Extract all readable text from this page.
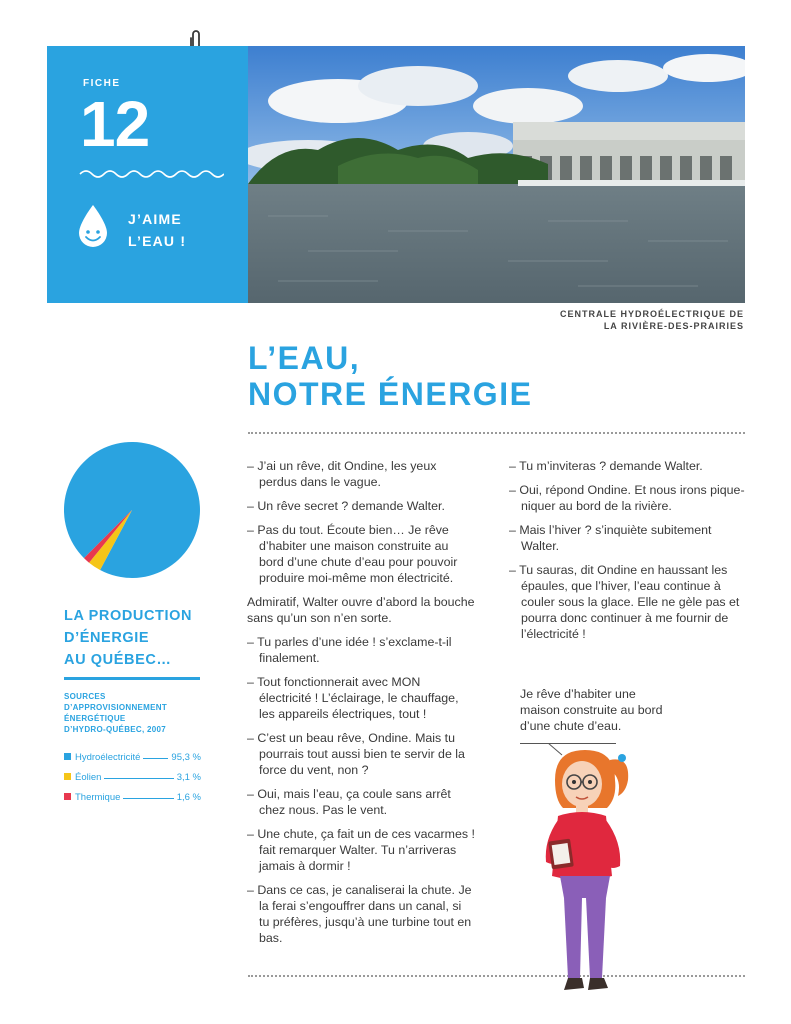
FICHE
12
J’AIME
L’EAU !
CENTRALE HYDROÉLECTRIQUE DE
LA RIVIÈRE-DES-PRAIRIES
L’EAU,
NOTRE ÉNERGIE
LA PRODUCTION
D’ÉNERGIE
AU QUÉBEC…
SOURCES
D’APPROVISIONNEMENT
ÉNERGÉTIQUE
D’HYDRO-QUÉBEC, 2007
Hydroélectricité	95,3 %
Éolien	3,1 %
Thermique	1,6 %

– J’ai un rêve, dit Ondine, les yeux perdus dans le vague.

– Un rêve secret ? demande Walter.

– Pas du tout. Écoute bien… Je rêve d’habiter une maison construite au bord d’une chute d’eau pour pouvoir produire moi-même mon électricité.

Admiratif, Walter ouvre d’abord la bouche sans qu’un son n’en sorte.

– Tu parles d’une idée ! s’exclame-t-il finalement.

– Tout fonctionnerait avec MON électricité ! L’éclairage, le chauffage, les appareils électriques, tout !

– C’est un beau rêve, Ondine. Mais tu pourrais tout aussi bien te servir de la force du vent, non ?

– Oui, mais l’eau, ça coule sans arrêt chez nous. Pas le vent.

– Une chute, ça fait un de ces vacarmes ! fait remarquer Walter. Tu n’arriveras jamais à dormir !

– Dans ce cas, je canaliserai la chute. Je la ferai s’engouffrer dans un canal, si tu préfères, jusqu’à une turbine tout en bas.

– Tu m’inviteras ? demande Walter.

– Oui, répond Ondine. Et nous irons pique-niquer au bord de la rivière.

– Mais l’hiver ? s’inquiète subitement Walter.

– Tu sauras, dit Ondine en haussant les épaules, que l’hiver, l’eau continue à couler sous la glace. Elle ne gèle pas et pourra donc continuer à me fournir de l’électricité !

Je rêve d’habiter une maison construite au bord d’une chute d’eau.
